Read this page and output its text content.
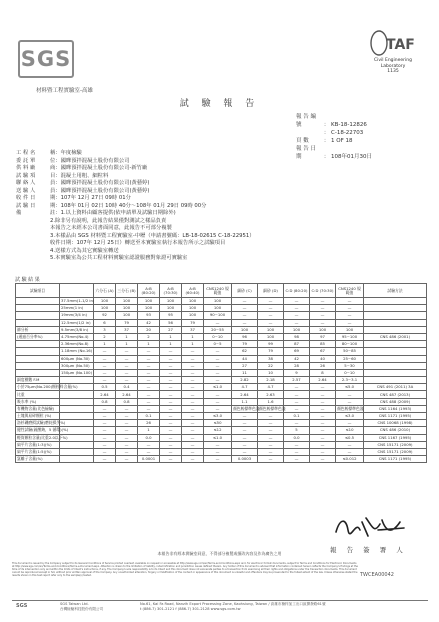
SGS
材料暨工程實驗室-高雄
TAF
Civil Engineering
Laboratory
1135
試 驗 報 告
報 告 編 號	： KB-18-12826
： C-18-22703
頁 數 ： 1 OF 18
報 告 日 期	： 108年01月30日
工 程 名	稱：年度檢驗
委 託 單	位：國曄預拌混凝土股份有限公司
供 料 廠	商：國曄預拌混凝土股份有限公司-新竹廠
試 驗 項	目：混凝土用粗、細粒料
聯 絡 人	員：國曄預拌混凝土股份有限公司(黃藝婷)
送 驗 人	員：國曄預拌混凝土股份有限公司(黃藝婷)
收 件 日	期：107年 12月 27日 09時 01分
試 驗 日	期：108年 01月 02日 10時 40分～108年 01月 29日 09時 00分
備	註：1.以上資料由顧客提供(依申請單及試驗日期除外)
2.除非另有說明，此報告結果僅對測試之樣品負責
本報告之未經本公司書面同意，此報告不可部分複製
3.本樣品由 SGS 材料暨工程實驗室-中壢（申請書號碼：LB-18-02615 C-18-22951）
收件日期：107年 12月 25日）轉送至本實驗室執行本報告所示之試驗項目
4.送樣方式為其它實驗室轉送
5.本實驗室為公共工程材料實驗室認證服務對象證可實驗室
試 驗 結 果
試驗項目		六分石 (A)	三分石 (B)	A:B (80:20)	A:B (70:30)	A:B (60:40)	CNS1240 規範值	細砂 (C)	細砂 (D)	C:D (80:20)	C:D (70:30)	CNS1240 規範值	試驗方法
	37.5mm(1-1/2 in)	100	100	100	100	100	100	—	—	—	—	—	
	25mm(1 in)	100	100	100	100	100	100	—	—	—	—	—	
	19mm(3/4 in)	92	100	93	95	100	90~100	—	—	—	—	—	
	12.5mm(1/2 in)	6	79	42	56	79	—	—	—	—	—	—	
篩分析	9.5mm(3/8 in)	3	37	20	27	37	20~55	100	100	100	100	100	
(通過百分率%)	4.75mm(No.4)	2	1	2	1	1	0~10	96	100	98	97	95~100	CNS 486 (2001)
	2.36mm(No.8)	1	1	1	1	1	0~5	79	99	87	85	80~100	
	1.18mm (No.16)	—	—	—	—	—	—	62	79	69	67	50~85	
	600μm (No.30)	—	—	—	—	—	—	44	38	42	40	25~60	
	300μm (No.50)	—	—	—	—	—	—	27	22	28	26	5~30	
	150μm (No.100)	—	—	—	—	—	—	11	10	9	8	0~10	
細度模數 F.M		—	—	—	—	—	—	2.82	2.18	2.57	2.64	2.3~3.1	
小於75μm(No.200)顆粒料含量(%)		0.5	0.4	—	—	—	≤1.0	4.7	4.7	—	—	≤5.0	CNS 491 (2011) 3A
比重		2.64	2.64	—	—	—	—	2.64	2.63	—	—	—	CNS 487 (2013)
吸水率 (%)		0.8	0.8	—	—	—	—	1.1	1.6	—	—	—	CNS 488 (2009)
有機物含量(比色檢驗)		—	—	—	—	—	—	顏色較標準色淺	顏色較標準色淺	—	—	顏色較標準色淺	CNS 1164 (1993)
土塊與易碎顆粒 (%)		—	—	0.1	—	—	≤3.0	—	—	0.1	—	≤3.0	CNS 1171 (1995)
洛杉磯磨損試驗(磨耗損失%)		—	—	26	—	—	≤50	—	—	—	—	—	CNS 10068 (1998)
健性試驗(硫酸鈉，5 循環)(%)		—	—	1	—	—	≤12	—	—	5	—	≤10	CNS 486 (2010)
輕質顆粒含量(比重2.0以下%)		—	—	0.0	—	—	≤1.0	—	—	0.0	—	≤0.5	CNS 1167 (1995)
扁平片含量(1:3)(%)		—	—	—	—	—	—	—	—	—	—	—	CNS 15171 (2009)
扁平片含量(1:5)(%)		—	—	—	—	—	—	—	—	—	—	—	CNS 15171 (2009)
氯離子含量(%)		—	—	0.0001	—	—	—	0.0003	—	—	—	≤0.012	CNS 1171 (1995)
報 告 簽 署 人
本報告非有經本實驗室同意，不得部分複製或擅改內容及作為廣告之用
This document is issued by the Company subject to its General Conditions of Service printed overleaf, available on request or accessible at http://www.sgs.com/en/Terms-and-Conditions.aspx and, for electronic format documents, subject to Terms and Conditions for Electronic Documents at http://www.sgs.com/en/Terms-and-Conditions/Terms-e-Document.aspx. Attention is drawn to the limitation of liability, indemnification and jurisdiction issues defined therein. Any holder of this document is advised that information contained hereon reflects the Company's findings at the time of its intervention only and within the limits of Client's instructions, if any. The Company's sole responsibility is to its Client and this document does not exonerate parties to a transaction from exercising all their rights and obligations under the transaction documents. This document cannot be reproduced except in full, without prior written approval of the Company. Any unauthorized alteration, forgery or falsification of the content or appearance of this document is unlawful and offenders may be prosecuted to the fullest extent of the law. Unless otherwise stated the results shown in this test report refer only to the sample(s) tested.	TWCEA00042
SGS	SGS Taiwan Ltd.
台灣檢驗科技股份有限公司
No.61, Kai Fa Road, Nanzih Export Processing Zone, Kaohsiung, Taiwan / 高雄市楠梓加工出口區開發路61號
t (886-7) 301-2121 f (886-7) 301-2128 www.sgs.com.tw
